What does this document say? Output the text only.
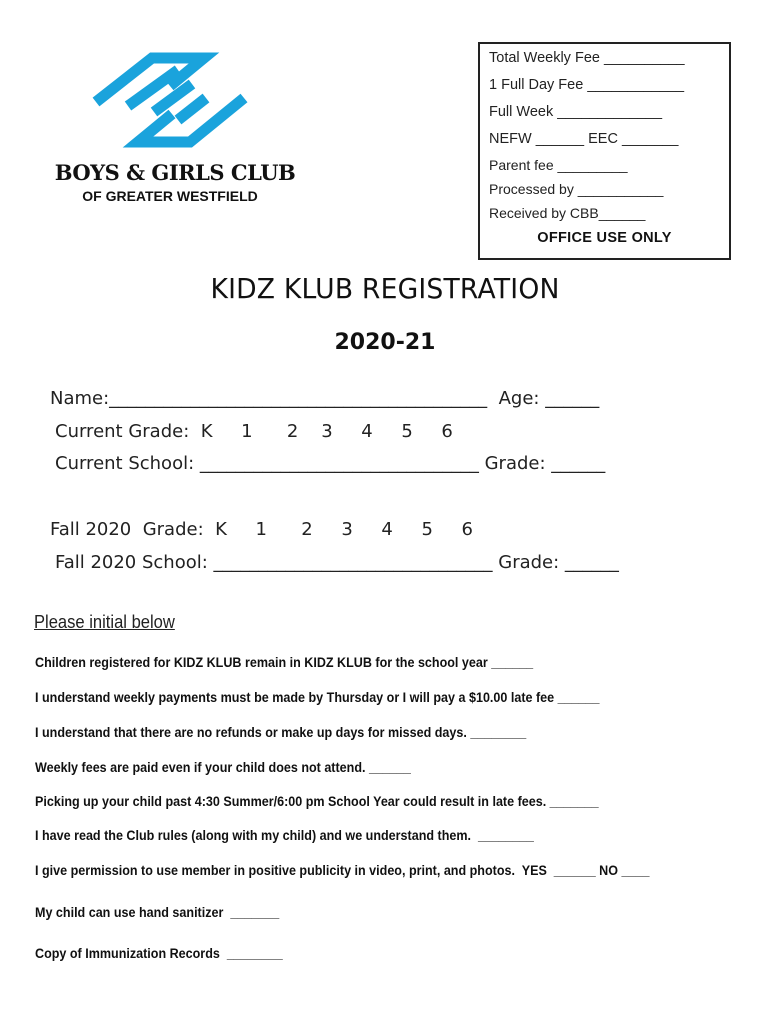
BOYS & GIRLS CLUB
OF GREATER WESTFIELD
Total Weekly Fee __________
1 Full Day Fee ____________
Full Week _____________
NEFW ______ EEC _______
Parent fee _________
Processed by ___________
Received by CBB______
OFFICE USE ONLY
KIDZ KLUB REGISTRATION
2020-21
Name:__________________________________________  Age: ______
Current Grade:  K     1      2    3     4     5     6
Current School: _______________________________ Grade: ______
Fall 2020  Grade:  K     1      2     3     4     5     6
Fall 2020 School: _______________________________ Grade: ______
Please initial below
Children registered for KIDZ KLUB remain in KIDZ KLUB for the school year ______
I understand weekly payments must be made by Thursday or I will pay a $10.00 late fee ______
I understand that there are no refunds or make up days for missed days. ________
Weekly fees are paid even if your child does not attend. ______
Picking up your child past 4:30 Summer/6:00 pm School Year could result in late fees. _______
I have read the Club rules (along with my child) and we understand them.  ________
I give permission to use member in positive publicity in video, print, and photos.  YES  ______ NO ____
My child can use hand sanitizer  _______
Copy of Immunization Records  ________
